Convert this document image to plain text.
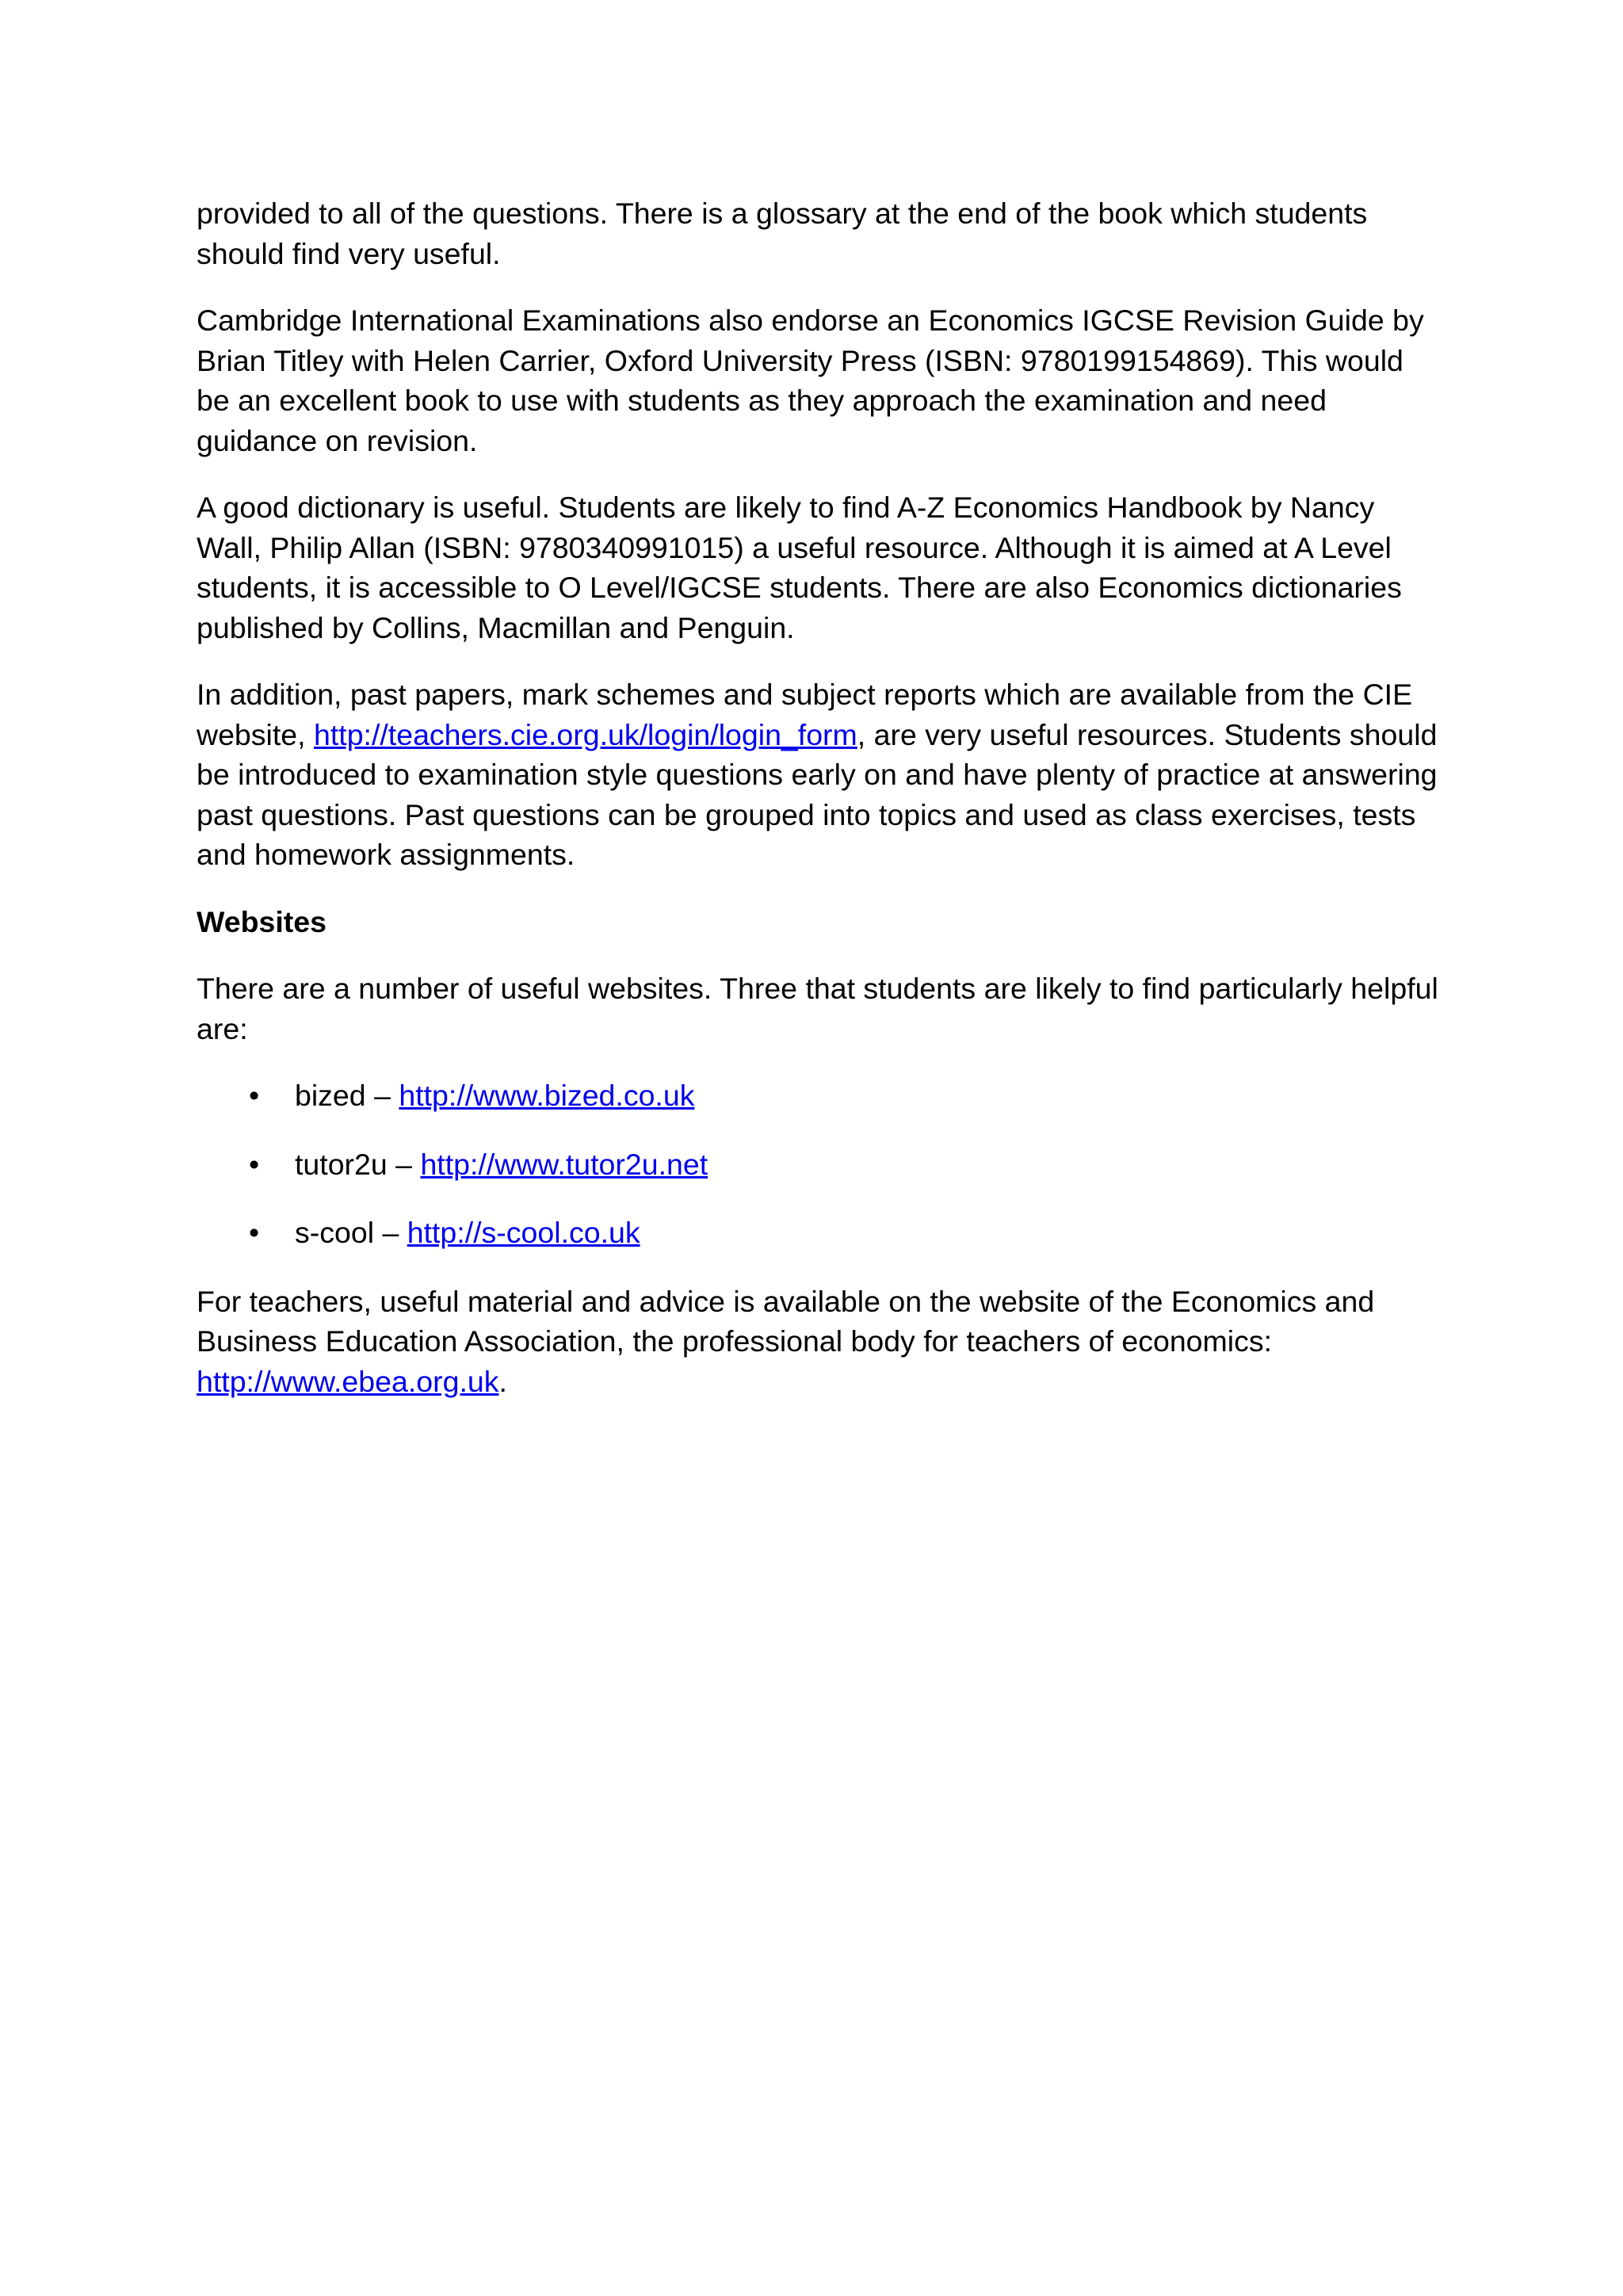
provided to all of the questions. There is a glossary at the end of the book which students should find very useful.

Cambridge International Examinations also endorse an Economics IGCSE Revision Guide by Brian Titley with Helen Carrier, Oxford University Press (ISBN: 9780199154869). This would be an excellent book to use with students as they approach the examination and need guidance on revision.

A good dictionary is useful. Students are likely to find A-Z Economics Handbook by Nancy Wall, Philip Allan (ISBN: 9780340991015) a useful resource. Although it is aimed at A Level students, it is accessible to O Level/IGCSE students. There are also Economics dictionaries published by Collins, Macmillan and Penguin.

In addition, past papers, mark schemes and subject reports which are available from the CIE website, http://teachers.cie.org.uk/login/login_form, are very useful resources. Students should be introduced to examination style questions early on and have plenty of practice at answering past questions. Past questions can be grouped into topics and used as class exercises, tests and homework assignments.

Websites

There are a number of useful websites. Three that students are likely to find particularly helpful are:

• bized – http://www.bized.co.uk
• tutor2u – http://www.tutor2u.net
• s-cool – http://s-cool.co.uk

For teachers, useful material and advice is available on the website of the Economics and Business Education Association, the professional body for teachers of economics: http://www.ebea.org.uk.
